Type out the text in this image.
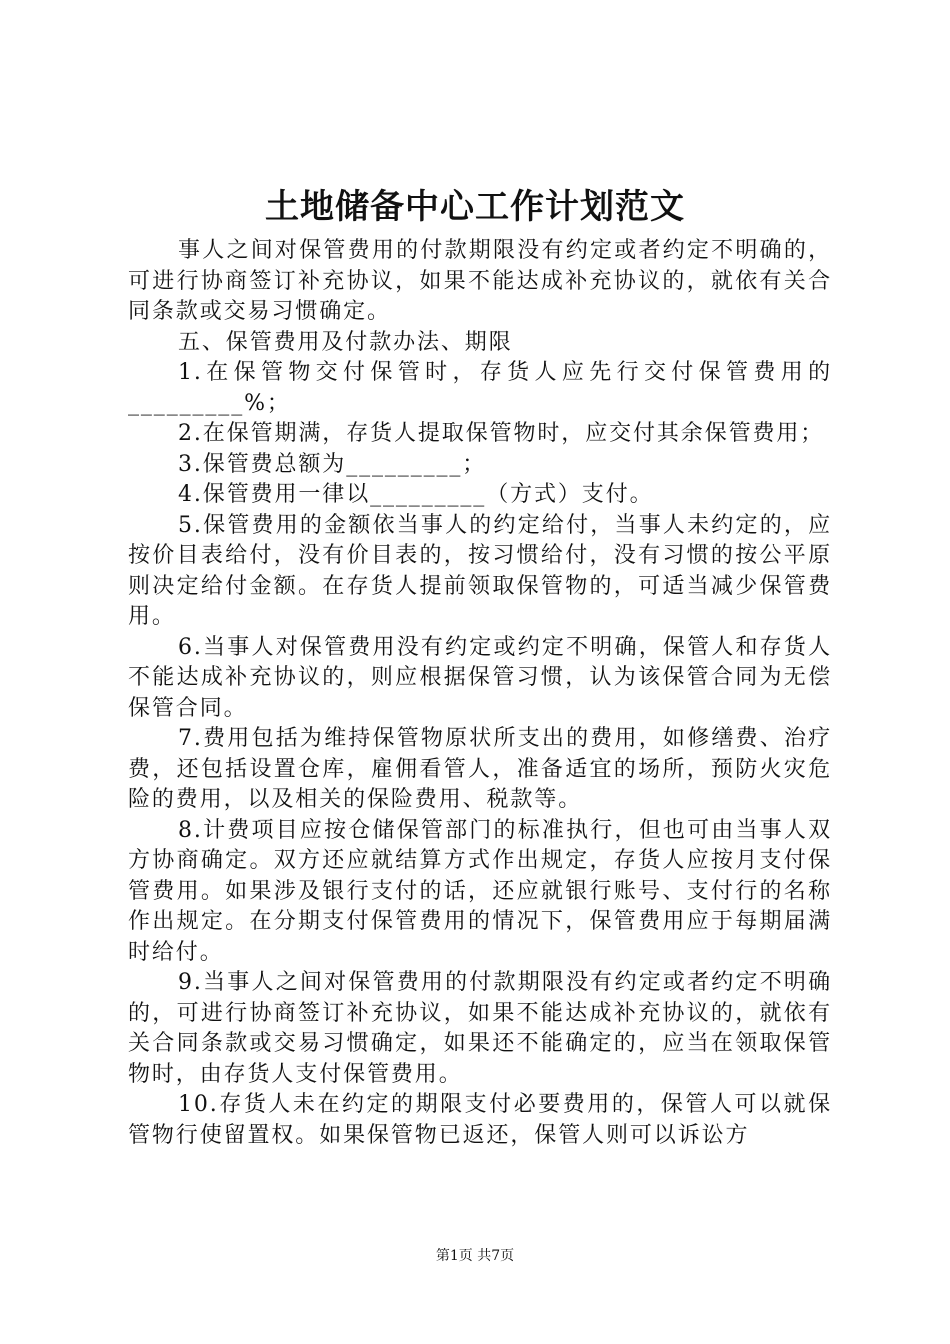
土地储备中心工作计划范文

事人之间对保管费用的付款期限没有约定或者约定不明确的，可进行协商签订补充协议，如果不能达成补充协议的，就依有关合同条款或交易习惯确定。

五、保管费用及付款办法、期限

1.在保管物交付保管时，存货人应先行交付保管费用的_________%；

2.在保管期满，存货人提取保管物时，应交付其余保管费用；

3.保管费总额为_________；

4.保管费用一律以_________（方式）支付。

5.保管费用的金额依当事人的约定给付，当事人未约定的，应按价目表给付，没有价目表的，按习惯给付，没有习惯的按公平原则决定给付金额。在存货人提前领取保管物的，可适当减少保管费用。

6.当事人对保管费用没有约定或约定不明确，保管人和存货人不能达成补充协议的，则应根据保管习惯，认为该保管合同为无偿保管合同。

7.费用包括为维持保管物原状所支出的费用，如修缮费、治疗费，还包括设置仓库，雇佣看管人，准备适宜的场所，预防火灾危险的费用，以及相关的保险费用、税款等。

8.计费项目应按仓储保管部门的标准执行，但也可由当事人双方协商确定。双方还应就结算方式作出规定，存货人应按月支付保管费用。如果涉及银行支付的话，还应就银行账号、支付行的名称作出规定。在分期支付保管费用的情况下，保管费用应于每期届满时给付。

9.当事人之间对保管费用的付款期限没有约定或者约定不明确的，可进行协商签订补充协议，如果不能达成补充协议的，就依有关合同条款或交易习惯确定，如果还不能确定的，应当在领取保管物时，由存货人支付保管费用。

10.存货人未在约定的期限支付必要费用的，保管人可以就保管物行使留置权。如果保管物已返还，保管人则可以诉讼方

第1页 共7页
